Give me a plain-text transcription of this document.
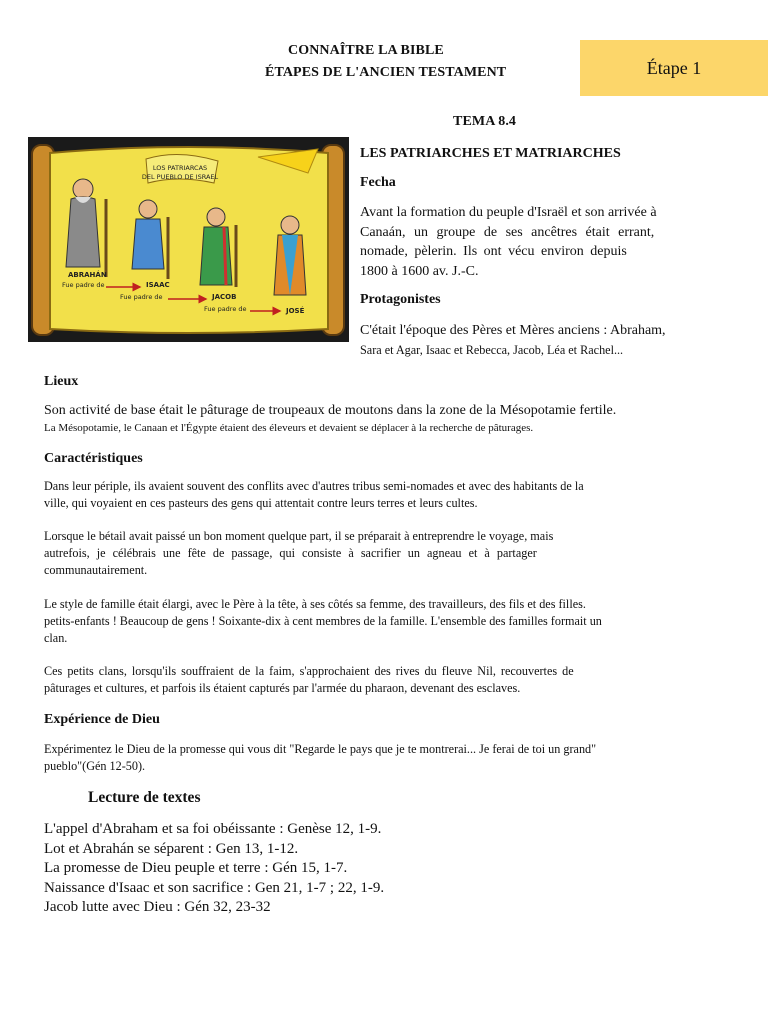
CONNAÎTRE LA BIBLE
ÉTAPES DE L'ANCIEN TESTAMENT	Étape 1
TEMA 8.4
LOS PATRIARCAS
DEL PUEBLO DE ISRAEL
ABRAHÁN
Fue padre de	ISAAC
Fue padre de	JACOB
Fue padre de	JOSÉ
LES PATRIARCHES ET MATRIARCHES
Fecha
Avant la formation du peuple d'Israël et son arrivée à
Canaán, un groupe de ses ancêtres était errant,
nomade, pèlerin. Ils ont vécu environ depuis
1800 à 1600 av. J.-C.
Protagonistes
C'était l'époque des Pères et Mères anciens : Abraham,
Sara et Agar, Isaac et Rebecca, Jacob, Léa et Rachel...
Lieux
Son activité de base était le pâturage de troupeaux de moutons dans la zone de la Mésopotamie fertile.
La Mésopotamie, le Canaan et l'Égypte étaient des éleveurs et devaient se déplacer à la recherche de pâturages.
Caractéristiques
Dans leur périple, ils avaient souvent des conflits avec d'autres tribus semi-nomades et avec des habitants de la
ville, qui voyaient en ces pasteurs des gens qui attentait contre leurs terres et leurs cultes.
Lorsque le bétail avait paissé un bon moment quelque part, il se préparait à entreprendre le voyage, mais
autrefois, je célébrais une fête de passage, qui consiste à sacrifier un agneau et à partager
communautairement.
Le style de famille était élargi, avec le Père à la tête, à ses côtés sa femme, des travailleurs, des fils et des filles.
petits-enfants ! Beaucoup de gens ! Soixante-dix à cent membres de la famille. L'ensemble des familles formait un
clan.
Ces petits clans, lorsqu'ils souffraient de la faim, s'approchaient des rives du fleuve Nil, recouvertes de
pâturages et cultures, et parfois ils étaient capturés par l'armée du pharaon, devenant des esclaves.
Expérience de Dieu
Expérimentez le Dieu de la promesse qui vous dit "Regarde le pays que je te montrerai... Je ferai de toi un grand"
pueblo"(Gén 12-50).
Lecture de textes
L'appel d'Abraham et sa foi obéissante : Genèse 12, 1-9.
Lot et Abrahán se séparent : Gen 13, 1-12.
La promesse de Dieu peuple et terre : Gén 15, 1-7.
Naissance d'Isaac et son sacrifice : Gen 21, 1-7 ; 22, 1-9.
Jacob lutte avec Dieu : Gén 32, 23-32
